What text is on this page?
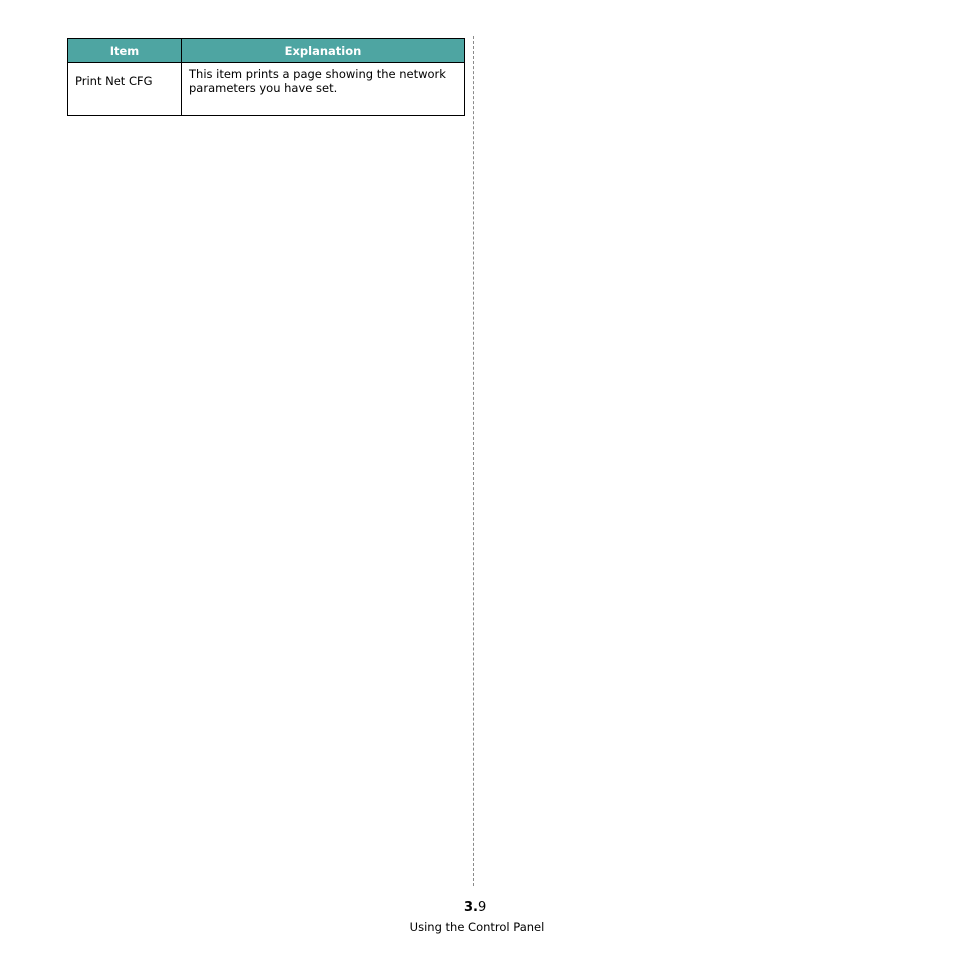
Item	Explanation
Print Net CFG	This item prints a page showing the network parameters you have set.
3.9
Using the Control Panel
